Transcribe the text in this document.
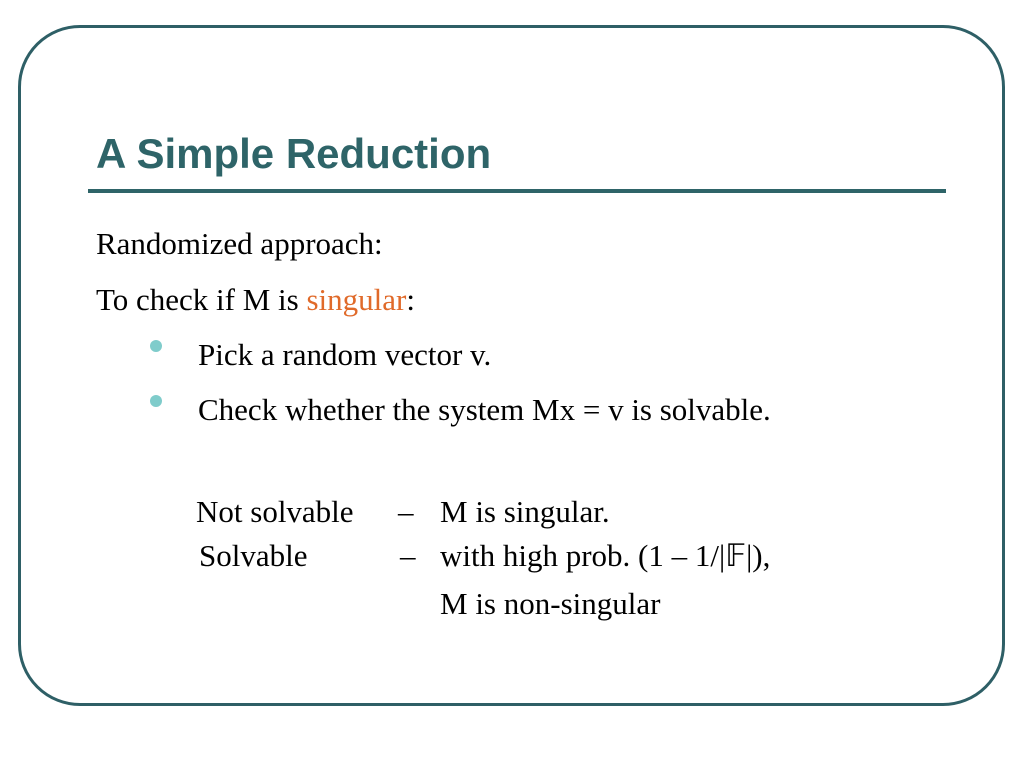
A Simple Reduction
Randomized approach:
To check if M is singular:
Pick a random vector v.
Check whether the system Mx = v is solvable.
Not solvable – M is singular.
Solvable	– with high prob. (1 – 1/|𝔽|),
M is non-singular
